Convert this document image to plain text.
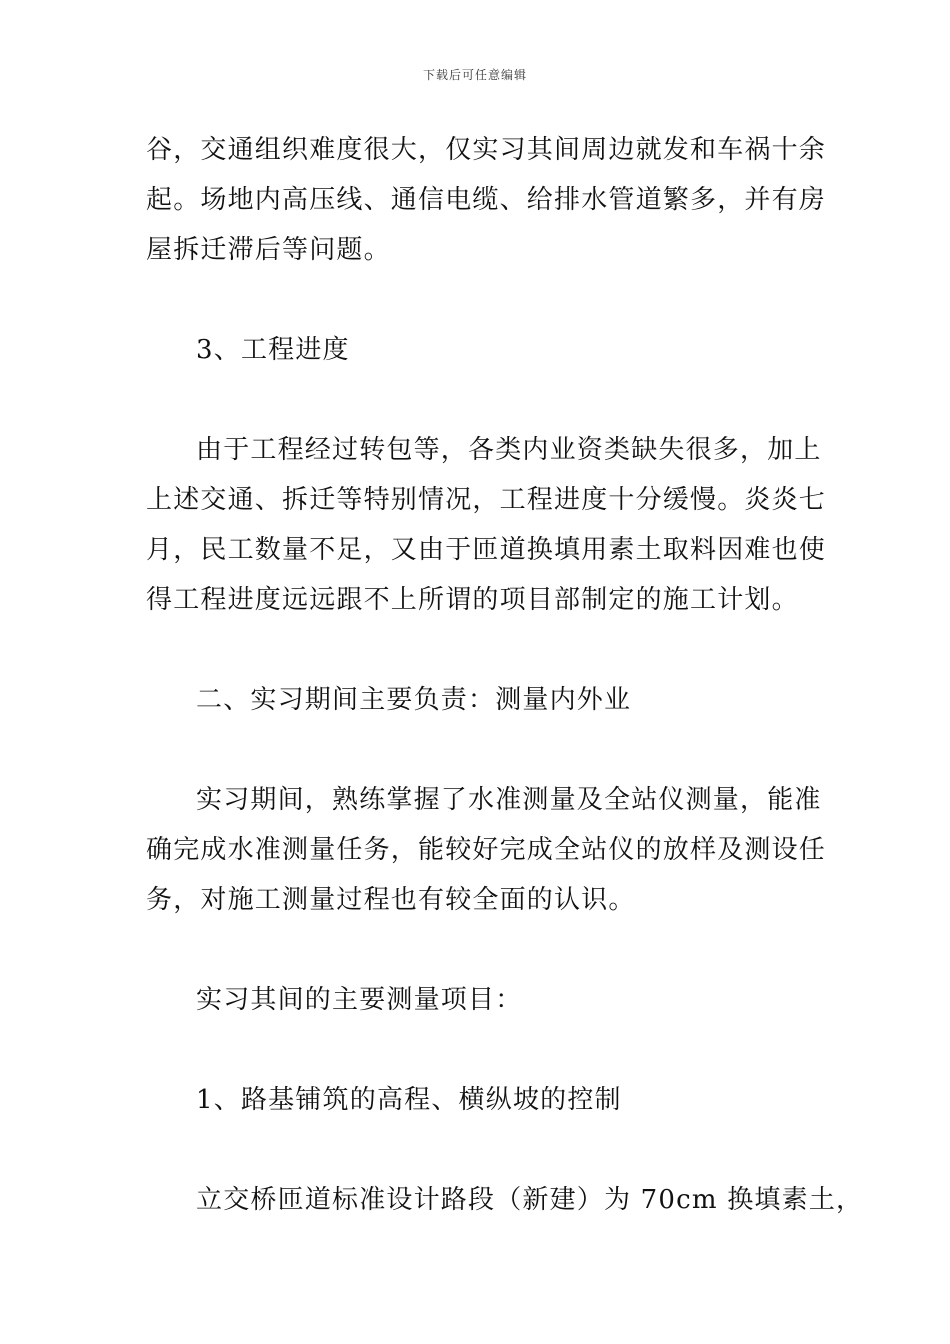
下载后可任意编辑
谷，交通组织难度很大，仅实习其间周边就发和车祸十余
起。场地内高压线、通信电缆、给排水管道繁多，并有房
屋拆迁滞后等问题。
3、工程进度
由于工程经过转包等，各类内业资类缺失很多，加上
上述交通、拆迁等特别情况，工程进度十分缓慢。炎炎七
月，民工数量不足，又由于匝道换填用素土取料因难也使
得工程进度远远跟不上所谓的项目部制定的施工计划。
二、实习期间主要负责：测量内外业
实习期间，熟练掌握了水准测量及全站仪测量，能准
确完成水准测量任务，能较好完成全站仪的放样及测设任
务，对施工测量过程也有较全面的认识。
实习其间的主要测量项目：
1、路基铺筑的高程、横纵坡的控制
立交桥匝道标准设计路段（新建）为 70cm 换填素土，
